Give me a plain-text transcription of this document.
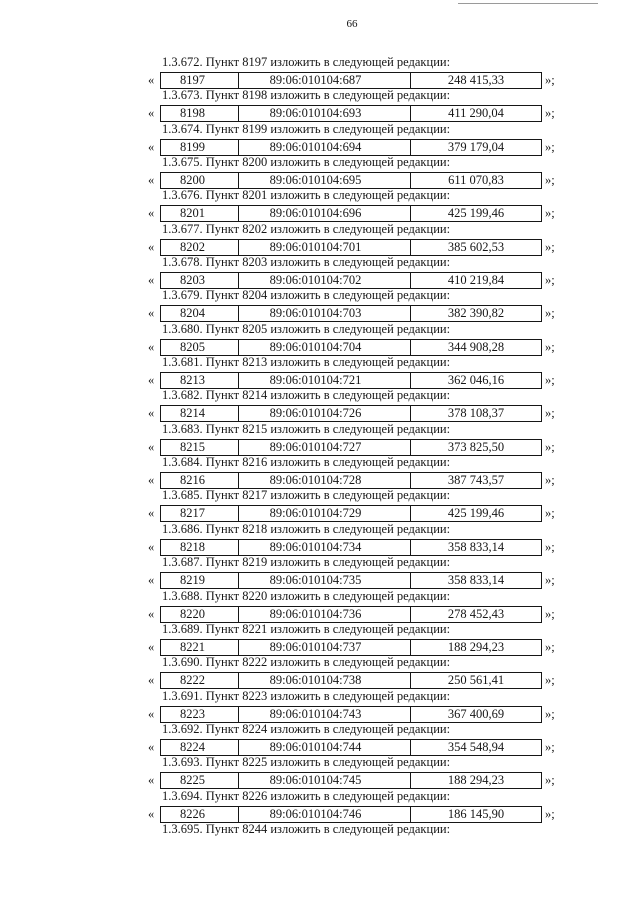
66
1.3.672. Пункт 8197 изложить в следующей редакции:
«	8197	89:06:010104:687	248 415,33	»;
1.3.673. Пункт 8198 изложить в следующей редакции:
«	8198	89:06:010104:693	411 290,04	»;
1.3.674. Пункт 8199 изложить в следующей редакции:
«	8199	89:06:010104:694	379 179,04	»;
1.3.675. Пункт 8200 изложить в следующей редакции:
«	8200	89:06:010104:695	611 070,83	»;
1.3.676. Пункт 8201 изложить в следующей редакции:
«	8201	89:06:010104:696	425 199,46	»;
1.3.677. Пункт 8202 изложить в следующей редакции:
«	8202	89:06:010104:701	385 602,53	»;
1.3.678. Пункт 8203 изложить в следующей редакции:
«	8203	89:06:010104:702	410 219,84	»;
1.3.679. Пункт 8204 изложить в следующей редакции:
«	8204	89:06:010104:703	382 390,82	»;
1.3.680. Пункт 8205 изложить в следующей редакции:
«	8205	89:06:010104:704	344 908,28	»;
1.3.681. Пункт 8213 изложить в следующей редакции:
«	8213	89:06:010104:721	362 046,16	»;
1.3.682. Пункт 8214 изложить в следующей редакции:
«	8214	89:06:010104:726	378 108,37	»;
1.3.683. Пункт 8215 изложить в следующей редакции:
«	8215	89:06:010104:727	373 825,50	»;
1.3.684. Пункт 8216 изложить в следующей редакции:
«	8216	89:06:010104:728	387 743,57	»;
1.3.685. Пункт 8217 изложить в следующей редакции:
«	8217	89:06:010104:729	425 199,46	»;
1.3.686. Пункт 8218 изложить в следующей редакции:
«	8218	89:06:010104:734	358 833,14	»;
1.3.687. Пункт 8219 изложить в следующей редакции:
«	8219	89:06:010104:735	358 833,14	»;
1.3.688. Пункт 8220 изложить в следующей редакции:
«	8220	89:06:010104:736	278 452,43	»;
1.3.689. Пункт 8221 изложить в следующей редакции:
«	8221	89:06:010104:737	188 294,23	»;
1.3.690. Пункт 8222 изложить в следующей редакции:
«	8222	89:06:010104:738	250 561,41	»;
1.3.691. Пункт 8223 изложить в следующей редакции:
«	8223	89:06:010104:743	367 400,69	»;
1.3.692. Пункт 8224 изложить в следующей редакции:
«	8224	89:06:010104:744	354 548,94	»;
1.3.693. Пункт 8225 изложить в следующей редакции:
«	8225	89:06:010104:745	188 294,23	»;
1.3.694. Пункт 8226 изложить в следующей редакции:
«	8226	89:06:010104:746	186 145,90	»;
1.3.695. Пункт 8244 изложить в следующей редакции:
